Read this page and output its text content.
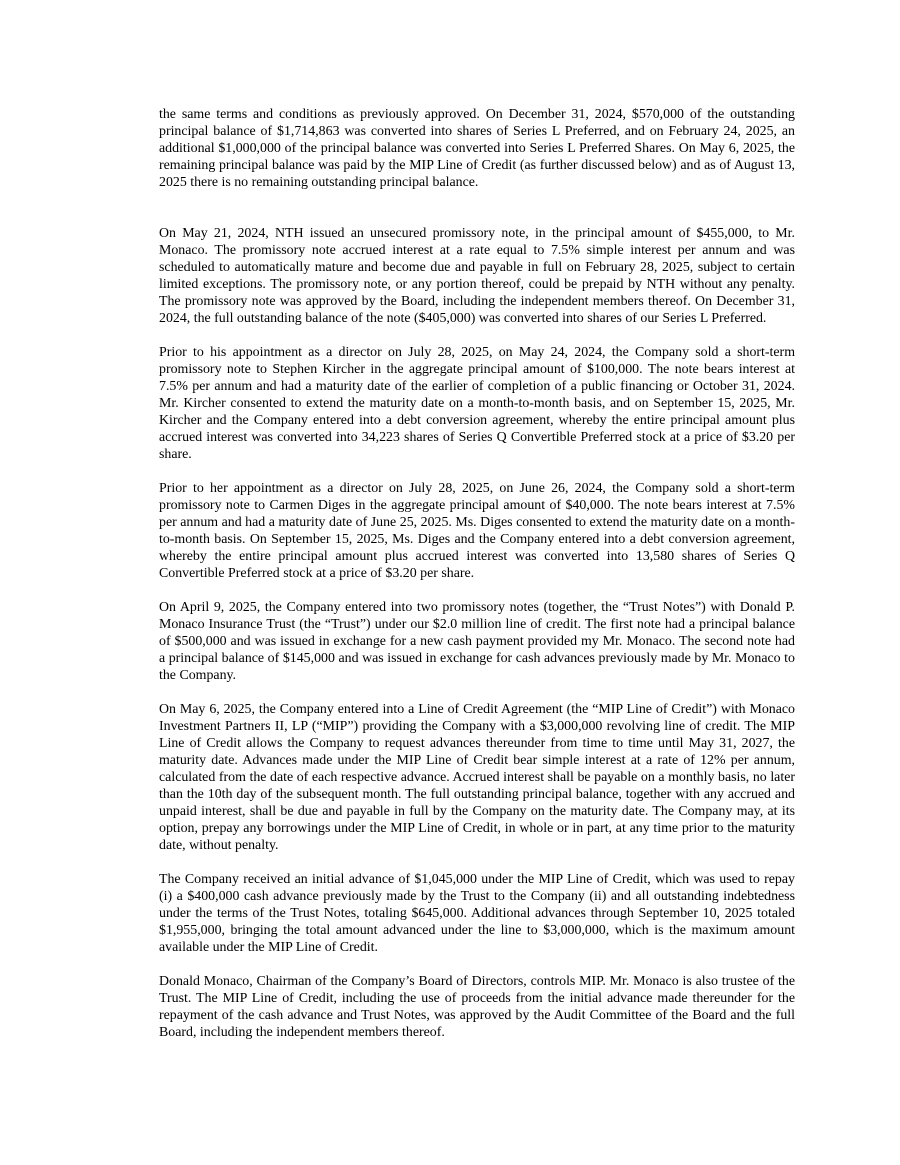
the same terms and conditions as previously approved. On December 31, 2024, $570,000 of the outstanding principal balance of $1,714,863 was converted into shares of Series L Preferred, and on February 24, 2025, an additional $1,000,000 of the principal balance was converted into Series L Preferred Shares. On May 6, 2025, the remaining principal balance was paid by the MIP Line of Credit (as further discussed below) and as of August 13, 2025 there is no remaining outstanding principal balance.

On May 21, 2024, NTH issued an unsecured promissory note, in the principal amount of $455,000, to Mr. Monaco. The promissory note accrued interest at a rate equal to 7.5% simple interest per annum and was scheduled to automatically mature and become due and payable in full on February 28, 2025, subject to certain limited exceptions. The promissory note, or any portion thereof, could be prepaid by NTH without any penalty. The promissory note was approved by the Board, including the independent members thereof. On December 31, 2024, the full outstanding balance of the note ($405,000) was converted into shares of our Series L Preferred.

Prior to his appointment as a director on July 28, 2025, on May 24, 2024, the Company sold a short-term promissory note to Stephen Kircher in the aggregate principal amount of $100,000. The note bears interest at 7.5% per annum and had a maturity date of the earlier of completion of a public financing or October 31, 2024. Mr. Kircher consented to extend the maturity date on a month-to-month basis, and on September 15, 2025, Mr. Kircher and the Company entered into a debt conversion agreement, whereby the entire principal amount plus accrued interest was converted into 34,223 shares of Series Q Convertible Preferred stock at a price of $3.20 per share.

Prior to her appointment as a director on July 28, 2025, on June 26, 2024, the Company sold a short-term promissory note to Carmen Diges in the aggregate principal amount of $40,000. The note bears interest at 7.5% per annum and had a maturity date of June 25, 2025. Ms. Diges consented to extend the maturity date on a month-to-month basis. On September 15, 2025, Ms. Diges and the Company entered into a debt conversion agreement, whereby the entire principal amount plus accrued interest was converted into 13,580 shares of Series Q Convertible Preferred stock at a price of $3.20 per share.

On April 9, 2025, the Company entered into two promissory notes (together, the “Trust Notes”) with Donald P. Monaco Insurance Trust (the “Trust”) under our $2.0 million line of credit. The first note had a principal balance of $500,000 and was issued in exchange for a new cash payment provided my Mr. Monaco. The second note had a principal balance of $145,000 and was issued in exchange for cash advances previously made by Mr. Monaco to the Company.

On May 6, 2025, the Company entered into a Line of Credit Agreement (the “MIP Line of Credit”) with Monaco Investment Partners II, LP (“MIP”) providing the Company with a $3,000,000 revolving line of credit. The MIP Line of Credit allows the Company to request advances thereunder from time to time until May 31, 2027, the maturity date. Advances made under the MIP Line of Credit bear simple interest at a rate of 12% per annum, calculated from the date of each respective advance. Accrued interest shall be payable on a monthly basis, no later than the 10th day of the subsequent month. The full outstanding principal balance, together with any accrued and unpaid interest, shall be due and payable in full by the Company on the maturity date. The Company may, at its option, prepay any borrowings under the MIP Line of Credit, in whole or in part, at any time prior to the maturity date, without penalty.

The Company received an initial advance of $1,045,000 under the MIP Line of Credit, which was used to repay (i) a $400,000 cash advance previously made by the Trust to the Company (ii) and all outstanding indebtedness under the terms of the Trust Notes, totaling $645,000. Additional advances through September 10, 2025 totaled $1,955,000, bringing the total amount advanced under the line to $3,000,000, which is the maximum amount available under the MIP Line of Credit.

Donald Monaco, Chairman of the Company’s Board of Directors, controls MIP. Mr. Monaco is also trustee of the Trust. The MIP Line of Credit, including the use of proceeds from the initial advance made thereunder for the repayment of the cash advance and Trust Notes, was approved by the Audit Committee of the Board and the full Board, including the independent members thereof.
